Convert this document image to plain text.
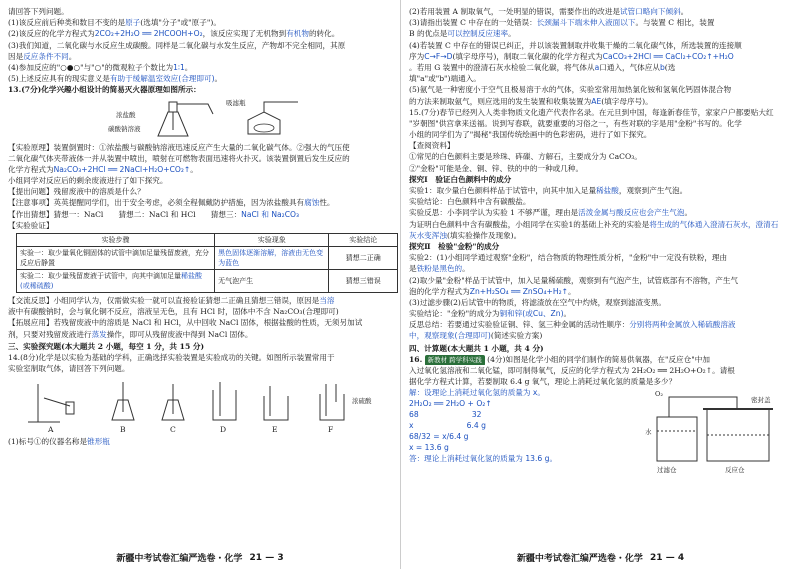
请回答下列问题。
(1)该反应前后种类和数目不变的是原子(选填"分子"或"原子")。
(2)该反应的化学方程式为2CO₂+2H₂O ══ 2HCOOH+O₂，该反应实现了无机物到有机物的转化。
(3)我们知道，二氧化碳与水反应生成碳酸。同样是二氧化碳与水发生反应，产物却不完全相同，其原
因是反应条件不同。
(4)参加反应的"○●○"与"○"的微观粒子个数比为1∶1。
(5)上述反应具有的现实意义是有助于缓解温室效应(合理即可)。
13.(7分)化学兴趣小组设计的简易灭火器原理如图所示：
吸滤瓶
浓盐酸
碳酸钠溶液
【实验原理】装置倒置时：①浓盐酸与碳酸钠溶液迅速反应产生大量的二氧化碳气体。②强大的气压使
二氧化碳气体夹带液体一并从装置中喷出，喷射在可燃物表面迅速将火扑灭。该装置倒置后发生反应的
化学方程式为Na₂CO₃+2HCl ══ 2NaCl+H₂O+CO₂↑。
小组同学对反应后的剩余废液进行了如下探究。
【提出问题】残留废液中的溶质是什么？
【注意事项】英英提醒同学们，出于安全考虑，必须全程佩戴防护措施，因为浓盐酸具有腐蚀性。
【作出猜想】猜想一：NaCl　　猜想二：NaCl 和 HCl　　猜想三：NaCl 和 Na₂CO₃
【实验验证】
实验步骤	实验现象	实验结论
实验一：取少量氧化铜固体的试管中滴加足量残留废液，充分反应后静置	黑色固体逐渐溶解，溶液由无色变为蓝色	猜想二正确
实验二：取少量残留废液于试管中，向其中滴加足量稀盐酸(或稀硫酸)	无气泡产生	猜想三错误
【交流反思】小组同学认为，仅需做实验一就可以直接验证猜想二正确且猜想三错误，原因是当溶
液中有碳酸钠时，会与氧化铜不反应，溶液呈无色，且有 HCl 时，固体中不含 Na₂CO₃(合理即可)
【拓展应用】若残留废液中的溶质是 NaCl 和 HCl，从中回收 NaCl 固体，根据盐酸的性质，无须另加试
剂，只要对残留废液进行蒸发操作，即可从残留废液中得到 NaCl 固体。
三、实验探究题(本大题共 2 小题，每空 1 分，共 15 分)
14.(8分)化学是以实验为基础的学科，正确选择实验装置是实验成功的关键。如图所示装置常用于
实验室制取气体，请回答下列问题。
A	B	C	D	E	F
浓硫酸
(1)标号①的仪器名称是锥形瓶
新疆中考试卷汇编严选卷・化学 21 — 3
(2)若用装置 A 制取氧气，一处明显的错误，需要作出的改进是试管口略向下倾斜。
(3)请指出装置 C 中存在的一处错误：长颈漏斗下端未伸入液面以下。与装置 C 相比，装置
B 的优点是可以控制反应速率。
(4)若装置 C 中存在的错误已纠正，并以该装置制取并收集干燥的二氧化碳气体，所选装置的连接顺
序为C→F→D(填字母序号)，制取二氧化碳的化学方程式为CaCO₃+2HCl ══ CaCl₂+CO₂↑+H₂O
。若用 G 装置中的澄清石灰水检验二氧化碳，将气体从a口通入，气体应从b(选
填"a"或"b")端通入。
(5)氨气是一种密度小于空气且极易溶于水的气体，实验室常用加热氯化铵和氢氧化钙固体混合物
的方法来制取氨气，则应选用的发生装置和收集装置为AE(填字母序号)。
15.(7分)春节已经列入人类非物质文化遗产代表作名录。在元旦到中国，每逢新春佳节，家家户户都要贴大红
"岁朝图"供宫拿来送福。说到写春联，就要重要的习俗之一，有些对联的字是用"金粉"书写的。化学
小组的同学们为了"揭秘"我国传统绘画中的色彩密码，进行了如下探究。
【查阅资料】
①常见的白色颜料主要是珍珠、砗磲、方解石，主要成分为 CaCO₃。
②"金粉"可能是金、铜、锌、铁的中的一种或几种。
探究Ⅰ　验证白色颜料中的成分
实验1：取少量白色颜料样品于试管中，向其中加入足量稀盐酸，观察到产生气泡。
实验结论：白色颜料中含有碳酸盐。
实验反思：小李同学认为实验 1 不够严谨，理由是活泼金属与酸反应也会产生气泡。
为证明白色颜料中含有碳酸盐，小组同学在实验1的基础上补充的实验是将生成的气体通入澄清石灰水，澄清石
灰水变浑浊(填实验操作及现象)。
探究Ⅱ　检验"金粉"的成分
实验2：(1)小组同学通过观察"金粉"，结合物质的物理性质分析，"金粉"中一定没有铁粉，理由
是铁粉是黑色的。
(2)取少量"金粉"样品于试管中，加入足量稀硫酸，观察到有气泡产生，试管底部有不溶物，产生气
泡的化学方程式为Zn+H₂SO₄ ══ ZnSO₄+H₂↑。
(3)过滤步骤(2)后试管中的物质，将滤渣放在空气中灼烧，观察到滤渣变黑。
实验结论："金粉"的成分为铜和锌(或Cu、Zn)。
反思总结：若要通过实验验证铜、锌、氢三种金属的活动性顺序：分别将两种金属放入稀硫酸溶液
中，观察现象(合理即可)(简述实验方案)
四、计算题(本大题共 1 小题，共 4 分)
16. 新教材 跨学科实践 (4分)如图是化学小组的同学们制作的简易供氧器，在"反应仓"中加
入过氧化氢溶液和二氧化锰，即可制得氧气，反应的化学方程式为 2H₂O₂ ══ 2H₂O+O₂↑。请根
据化学方程式计算，若要制取 6.4 g 氧气，理论上消耗过氧化氢的质量是多少？
解：设理论上消耗过氧化氢的质量为 x。
2H₂O₂ ══ 2H₂O + O₂↑
68　　　　　　　32
x　　　　　　　6.4 g
68/32 = x/6.4 g
x = 13.6 g
答：理论上消耗过氧化氢的质量为 13.6 g。
O₂
密封盖
水
过滤仓	反应仓
新疆中考试卷汇编严选卷・化学 21 — 4
